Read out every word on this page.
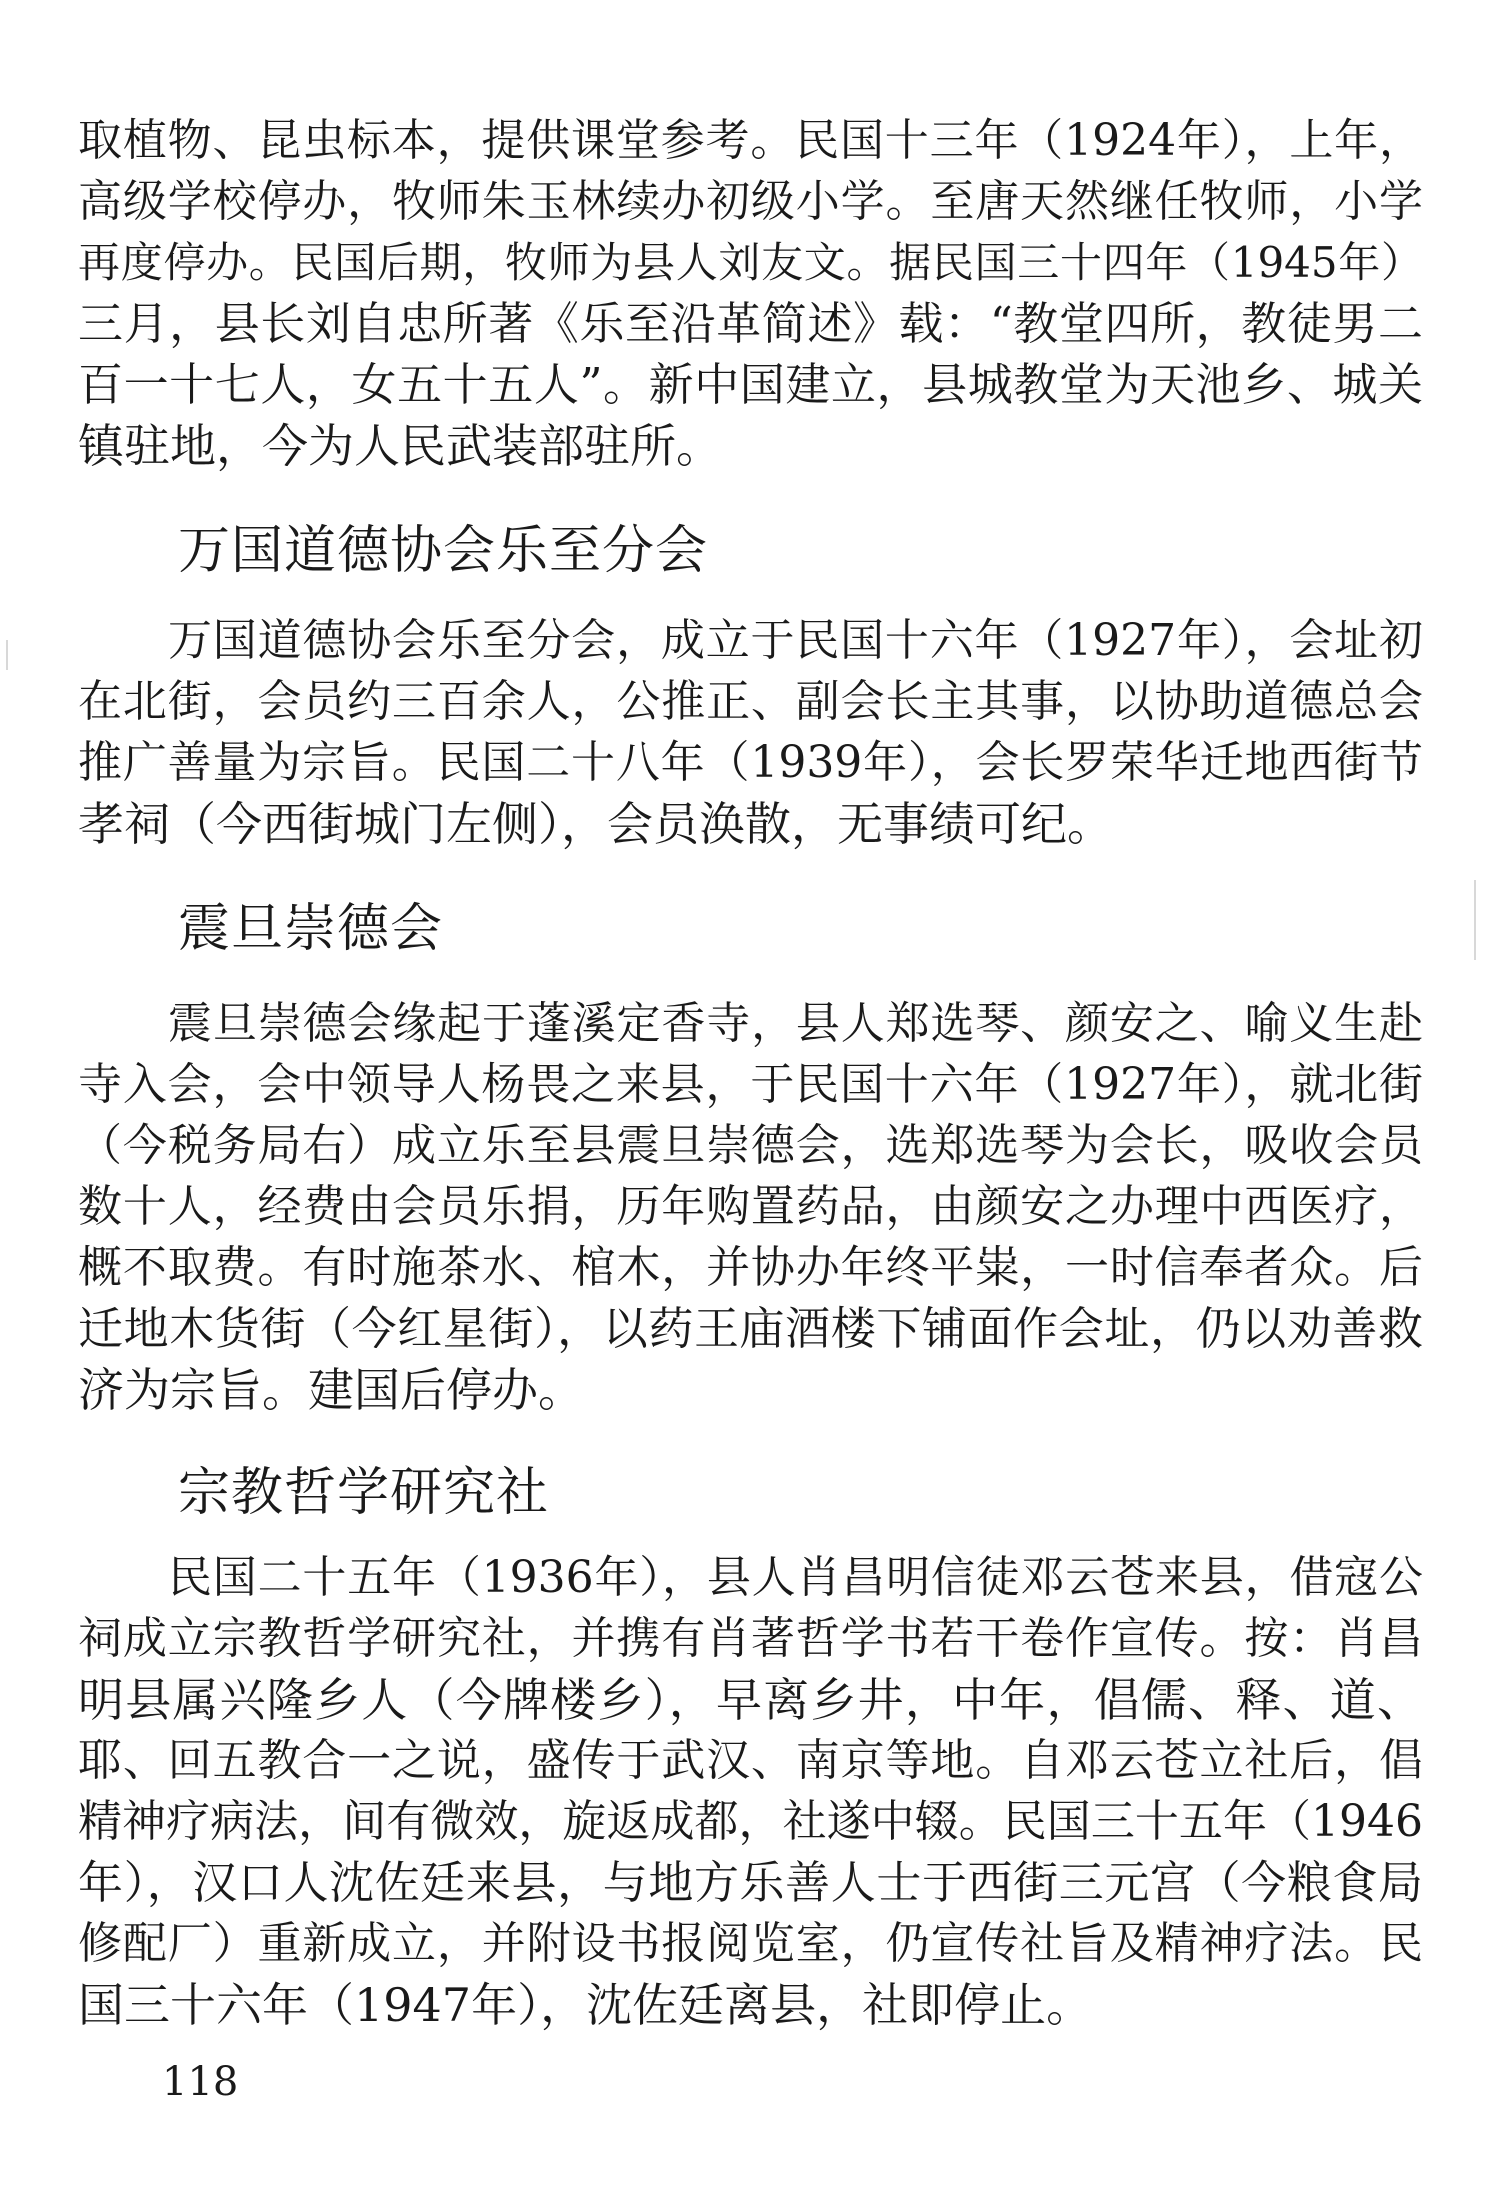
取植物、昆虫标本，提供课堂参考。民国十三年（1924年），上年，
高级学校停办，牧师朱玉林续办初级小学。至唐天然继任牧师，小学
再度停办。民国后期，牧师为县人刘友文。据民国三十四年（1945年）
三月，县长刘自忠所著《乐至沿革简述》载：“教堂四所，教徒男二
百一十七人，女五十五人”。新中国建立，县城教堂为天池乡、城关
镇驻地，今为人民武装部驻所。
万国道德协会乐至分会
万国道德协会乐至分会，成立于民国十六年（1927年），会址初
在北街，会员约三百余人，公推正、副会长主其事，以协助道德总会
推广善量为宗旨。民国二十八年（1939年），会长罗荣华迁地西街节
孝祠（今西街城门左侧），会员涣散，无事绩可纪。
震旦崇德会
震旦崇德会缘起于蓬溪定香寺，县人郑选琴、颜安之、喻义生赴
寺入会，会中领导人杨畏之来县，于民国十六年（1927年），就北街
（今税务局右）成立乐至县震旦崇德会，选郑选琴为会长，吸收会员
数十人，经费由会员乐捐，历年购置药品，由颜安之办理中西医疗，
概不取费。有时施茶水、棺木，并协办年终平粜，一时信奉者众。后
迁地木货街（今红星街），以药王庙酒楼下铺面作会址，仍以劝善救
济为宗旨。建国后停办。
宗教哲学研究社
民国二十五年（1936年），县人肖昌明信徒邓云苍来县，借寇公
祠成立宗教哲学研究社，并携有肖著哲学书若干卷作宣传。按：肖昌
明县属兴隆乡人（今牌楼乡），早离乡井，中年，倡儒、释、道、
耶、回五教合一之说，盛传于武汉、南京等地。自邓云苍立社后，倡
精神疗病法，间有微效，旋返成都，社遂中辍。民国三十五年（1946
年），汉口人沈佐廷来县，与地方乐善人士于西街三元宫（今粮食局
修配厂）重新成立，并附设书报阅览室，仍宣传社旨及精神疗法。民
国三十六年（1947年），沈佐廷离县，社即停止。
118
